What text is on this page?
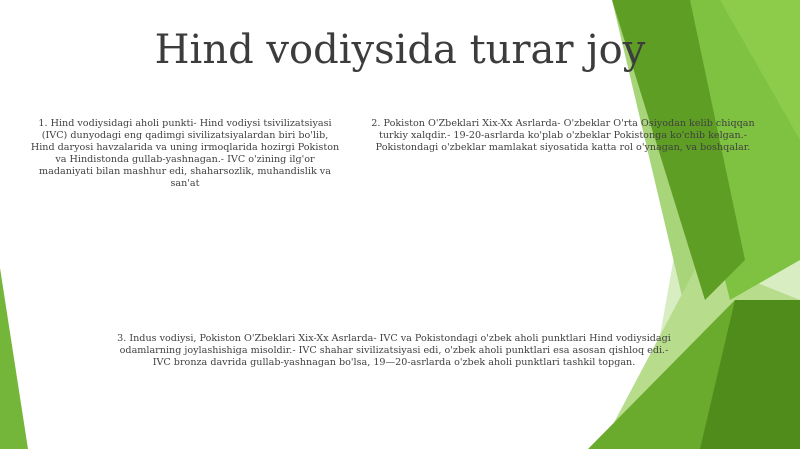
Hind vodiysida turar joy
1. Hind vodiysidagi aholi punkti- Hind vodiysi tsivilizatsiyasi (IVC) dunyodagi eng qadimgi sivilizatsiyalardan biri bo'lib, Hind daryosi havzalarida va uning irmoqlarida hozirgi Pokiston va Hindistonda gullab-yashnagan.- IVC o'zining ilg'or madaniyati bilan mashhur edi, shaharsozlik, muhandislik va san'at
2. Pokiston O'Zbeklari Xix-Xx Asrlarda- O'zbeklar O'rta Osiyodan kelib chiqqan turkiy xalqdir.- 19-20-asrlarda ko'plab o'zbeklar Pokistonga ko'chib kelgan.- Pokistondagi o'zbeklar mamlakat siyosatida katta rol o'ynagan, va boshqalar.
3. Indus vodiysi, Pokiston O'Zbeklari Xix-Xx Asrlarda- IVC va Pokistondagi o'zbek aholi punktlari Hind vodiysidagi odamlarning joylashishiga misoldir.- IVC shahar sivilizatsiyasi edi, o'zbek aholi punktlari esa asosan qishloq edi.- IVC bronza davrida gullab-yashnagan bo'lsa, 19—20-asrlarda o'zbek aholi punktlari tashkil topgan.
